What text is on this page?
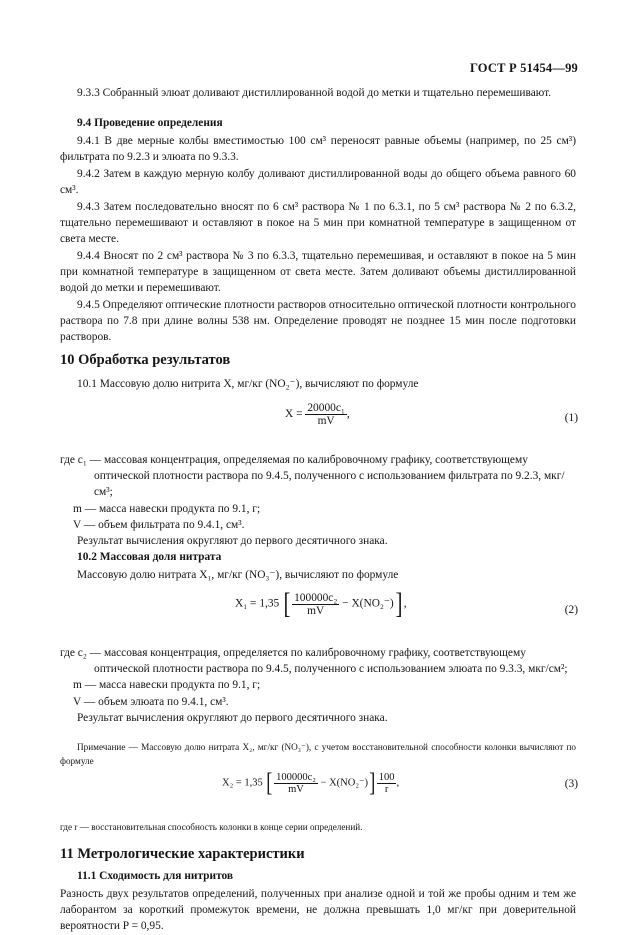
ГОСТ Р 51454—99
9.3.3 Собранный элюат доливают дистиллированной водой до метки и тщательно перемешивают.
9.4 Проведение определения
9.4.1 В две мерные колбы вместимостью 100 см³ переносят равные объемы (например, по 25 см³) фильтрата по 9.2.3 и элюата по 9.3.3.
9.4.2 Затем в каждую мерную колбу доливают дистиллированной воды до общего объема равного 60 см³.
9.4.3 Затем последовательно вносят по 6 см³ раствора № 1 по 6.3.1, по 5 см³ раствора № 2 по 6.3.2, тщательно перемешивают и оставляют в покое на 5 мин при комнатной температуре в защищенном от света месте.
9.4.4 Вносят по 2 см³ раствора № 3 по 6.3.3, тщательно перемешивая, и оставляют в покое на 5 мин при комнатной температуре в защищенном от света месте. Затем доливают объемы дистиллированной водой до метки и перемешивают.
9.4.5 Определяют оптические плотности растворов относительно оптической плотности контрольного раствора по 7.8 при длине волны 538 нм. Определение проводят не позднее 15 мин после подготовки растворов.
10 Обработка результатов
10.1 Массовую долю нитрита X, мг/кг (NO₂⁻), вычисляют по формуле
$X = \frac{\text{20000c₁}}{mV}$ ,	(1)
где c₁ — массовая концентрация, определяемая по калибровочному графику, соответствующему оптической плотности раствора по 9.4.5, полученного с использованием фильтрата по 9.2.3, мкг/см³;
m — масса навески продукта по 9.1, г;
V — объем фильтрата по 9.4.1, см³.
Результат вычисления округляют до первого десятичного знака.
10.2 Массовая доля нитрата
Массовую долю нитрата X₁, мг/кг (NO₃⁻), вычисляют по формуле
X₁ = 1,35 [ $\frac{\text{100000c₂}}{mV} - X(NO_2^-)$] ,
(2)
где c₂ — массовая концентрация, определяется по калибровочному графику, соответствующему оптической плотности раствора по 9.4.5, полученного с использованием элюата по 9.3.3, мкг/см²;
m — масса навески продукта по 9.1, г;
V — объем элюата по 9.4.1, см³.
Результат вычисления округляют до первого десятичного знака.
Примечание — Массовую долю нитрата X₂, мг/кг (NO₃⁻), с учетом восстановительной способности колонки вычисляют по формуле
X₂ = 1,35 [ $\frac{\text{100000c₂}}{mV} - X(NO_2^-)] \frac{100}{r}$ ,	(3)
где r — восстановительная способность колонки в конце серии определений.
11 Метрологические характеристики
11.1 Сходимость для нитритов
Разность двух результатов определений, полученных при анализе одной и той же пробы одним и тем же лаборантом за короткий промежуток времени, не должна превышать 1,0 мг/кг при доверительной вероятности P = 0,95.
